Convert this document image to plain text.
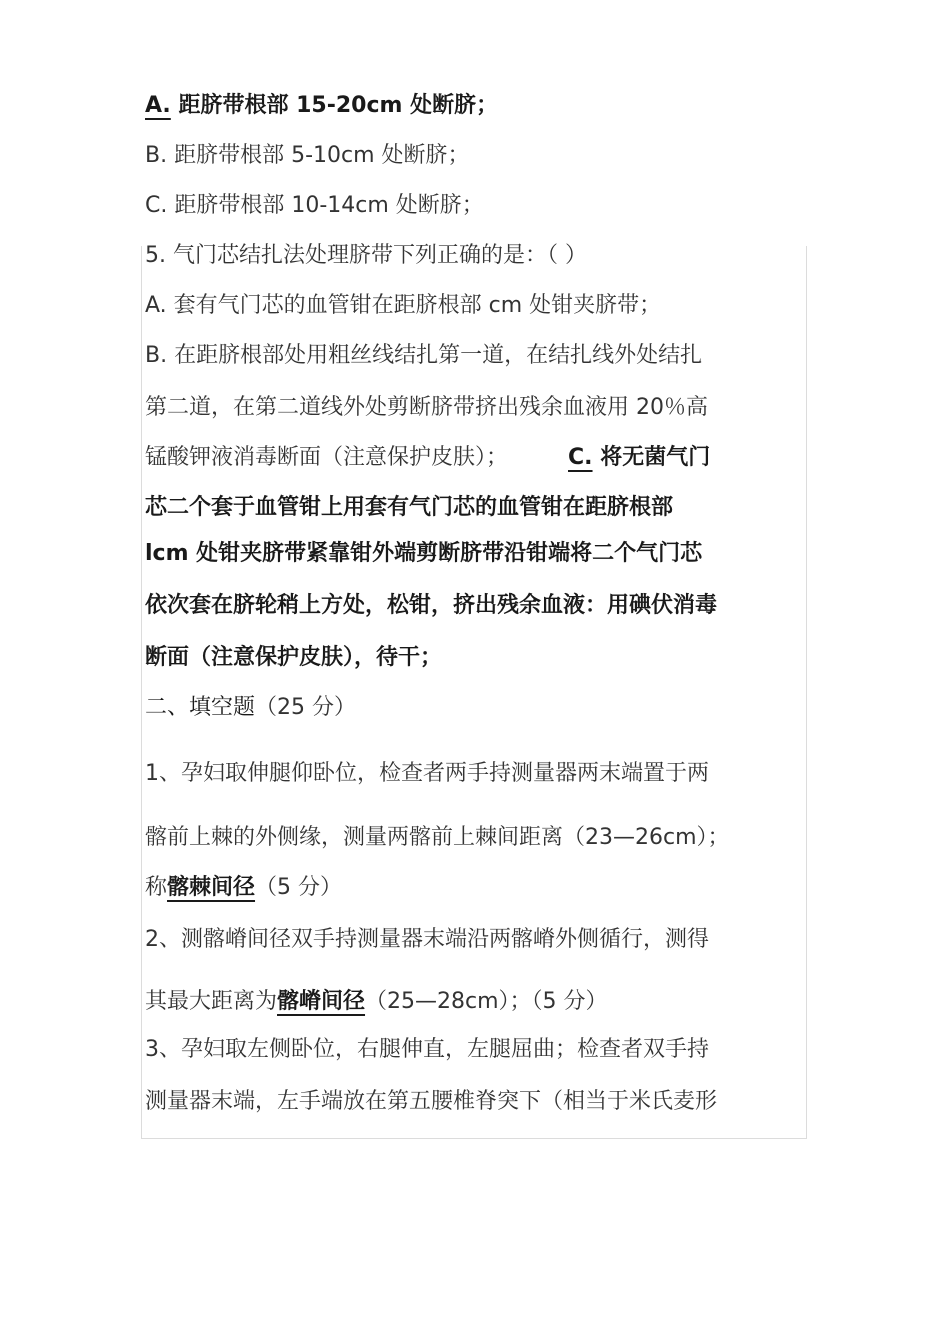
A. 距脐带根部 15-20cm 处断脐；
B. 距脐带根部 5-10cm 处断脐；
C. 距脐带根部 10-14cm 处断脐；
5. 气门芯结扎法处理脐带下列正确的是：（ ）
A. 套有气门芯的血管钳在距脐根部 cm 处钳夹脐带；
B. 在距脐根部处用粗丝线结扎第一道，在结扎线外处结扎
第二道，在第二道线外处剪断脐带挤出残余血液用 20％高
锰酸钾液消毒断面（注意保护皮肤）；	C. 将无菌气门
芯二个套于血管钳上用套有气门芯的血管钳在距脐根部
lcm 处钳夹脐带紧靠钳外端剪断脐带沿钳端将二个气门芯
依次套在脐轮稍上方处，松钳，挤出残余血液：用碘伏消毒
断面（注意保护皮肤），待干；
二、填空题（25 分）
1、孕妇取伸腿仰卧位，检查者两手持测量器两末端置于两
髂前上棘的外侧缘，测量两髂前上棘间距离（23—26cm）；
称髂棘间径（5 分）
2、测髂嵴间径双手持测量器末端沿两髂嵴外侧循行，测得
其最大距离为髂嵴间径（25—28cm）；（5 分）
3、孕妇取左侧卧位，右腿伸直，左腿屈曲；检查者双手持
测量器末端，左手端放在第五腰椎脊突下（相当于米氏麦形
